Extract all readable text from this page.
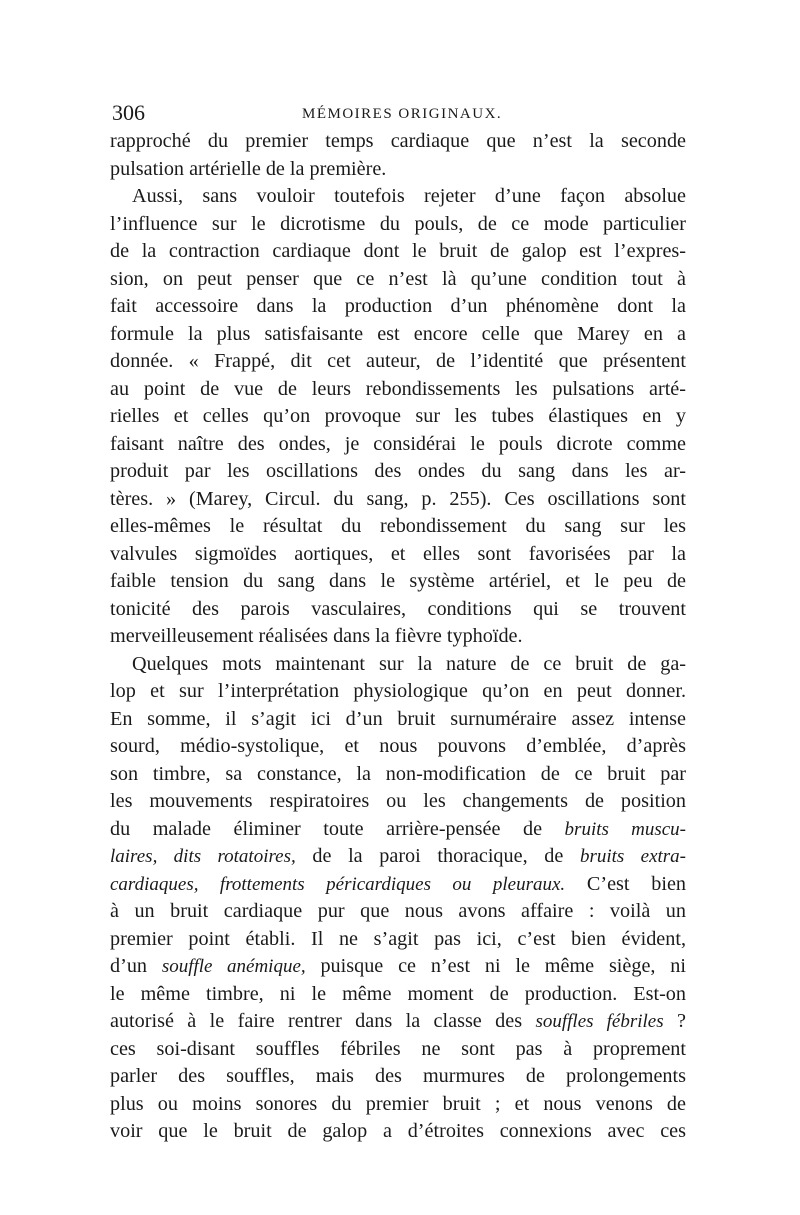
306	MÉMOIRES ORIGINAUX.
rapproché du premier temps cardiaque que n’est la seconde
pulsation artérielle de la première.
Aussi, sans vouloir toutefois rejeter d’une façon absolue
l’influence sur le dicrotisme du pouls, de ce mode particulier
de la contraction cardiaque dont le bruit de galop est l’expres-
sion, on peut penser que ce n’est là qu’une condition tout à
fait accessoire dans la production d’un phénomène dont la
formule la plus satisfaisante est encore celle que Marey en a
donnée. « Frappé, dit cet auteur, de l’identité que présentent
au point de vue de leurs rebondissements les pulsations arté-
rielles et celles qu’on provoque sur les tubes élastiques en y
faisant naître des ondes, je considérai le pouls dicrote comme
produit par les oscillations des ondes du sang dans les ar-
tères. » (Marey, Circul. du sang, p. 255). Ces oscillations sont
elles-mêmes le résultat du rebondissement du sang sur les
valvules sigmoïdes aortiques, et elles sont favorisées par la
faible tension du sang dans le système artériel, et le peu de
tonicité des parois vasculaires, conditions qui se trouvent
merveilleusement réalisées dans la fièvre typhoïde.
Quelques mots maintenant sur la nature de ce bruit de ga-
lop et sur l’interprétation physiologique qu’on en peut donner.
En somme, il s’agit ici d’un bruit surnuméraire assez intense
sourd, médio-systolique, et nous pouvons d’emblée, d’après
son timbre, sa constance, la non-modification de ce bruit par
les mouvements respiratoires ou les changements de position
du malade éliminer toute arrière-pensée de bruits muscu-
laires, dits rotatoires, de la paroi thoracique, de bruits extra-
cardiaques, frottements péricardiques ou pleuraux. C’est bien
à un bruit cardiaque pur que nous avons affaire : voilà un
premier point établi. Il ne s’agit pas ici, c’est bien évident,
d’un souffle anémique, puisque ce n’est ni le même siège, ni
le même timbre, ni le même moment de production. Est-on
autorisé à le faire rentrer dans la classe des souffles fébriles ?
ces soi-disant souffles fébriles ne sont pas à proprement
parler des souffles, mais des murmures de prolongements
plus ou moins sonores du premier bruit ; et nous venons de
voir que le bruit de galop a d’étroites connexions avec ces
